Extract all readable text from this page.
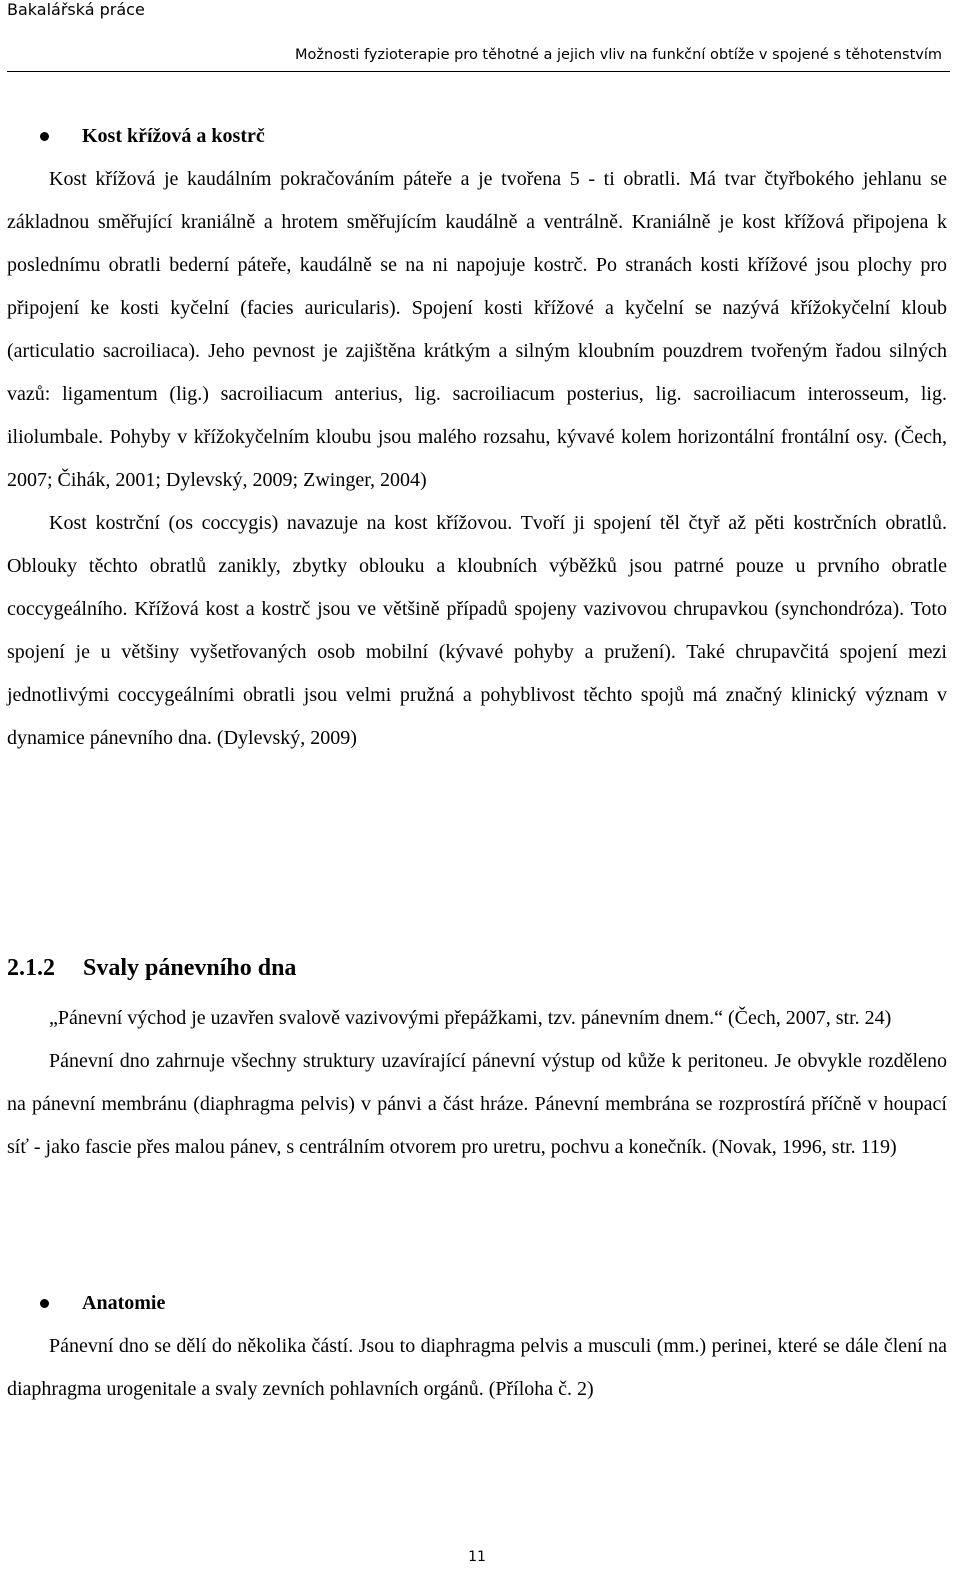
Bakalářská práce
Možnosti fyzioterapie pro těhotné a jejich vliv na funkční obtíže v spojené s těhotenstvím
Kost křížová a kostrč

Kost křížová je kaudálním pokračováním páteře a je tvořena 5 - ti obratli. Má tvar čtyřbokého jehlanu se základnou směřující kraniálně a hrotem směřujícím kaudálně a ventrálně. Kraniálně je kost křížová připojena k poslednímu obratli bederní páteře, kaudálně se na ni napojuje kostrč. Po stranách kosti křížové jsou plochy pro připojení ke kosti kyčelní (facies auricularis). Spojení kosti křížové a kyčelní se nazývá křížokyčelní kloub (articulatio sacroiliaca). Jeho pevnost je zajištěna krátkým a silným kloubním pouzdrem tvořeným řadou silných vazů: ligamentum (lig.) sacroiliacum anterius, lig. sacroiliacum posterius, lig. sacroiliacum interosseum, lig. iliolumbale. Pohyby v křížokyčelním kloubu jsou malého rozsahu, kývavé kolem horizontální frontální osy. (Čech, 2007; Čihák, 2001; Dylevský, 2009; Zwinger, 2004)

Kost kostrční (os coccygis) navazuje na kost křížovou. Tvoří ji spojení těl čtyř až pěti kostrčních obratlů. Oblouky těchto obratlů zanikly, zbytky oblouku a kloubních výběžků jsou patrné pouze u prvního obratle coccygeálního. Křížová kost a kostrč jsou ve většině případů spojeny vazivovou chrupavkou (synchondróza). Toto spojení je u většiny vyšetřovaných osob mobilní (kývavé pohyby a pružení). Také chrupavčitá spojení mezi jednotlivými coccygeálními obratli jsou velmi pružná a pohyblivost těchto spojů má značný klinický význam v dynamice pánevního dna. (Dylevský, 2009)

2.1.2 Svaly pánevního dna

„Pánevní východ je uzavřen svalově vazivovými přepážkami, tzv. pánevním dnem.“ (Čech, 2007, str. 24)

Pánevní dno zahrnuje všechny struktury uzavírající pánevní výstup od kůže k peritoneu. Je obvykle rozděleno na pánevní membránu (diaphragma pelvis) v pánvi a část hráze. Pánevní membrána se rozprostírá příčně v houpací síť - jako fascie přes malou pánev, s centrálním otvorem pro uretru, pochvu a konečník. (Novak, 1996, str. 119)

Anatomie

Pánevní dno se dělí do několika částí. Jsou to diaphragma pelvis a musculi (mm.) perinei, které se dále člení na diaphragma urogenitale a svaly zevních pohlavních orgánů. (Příloha č. 2)

11
